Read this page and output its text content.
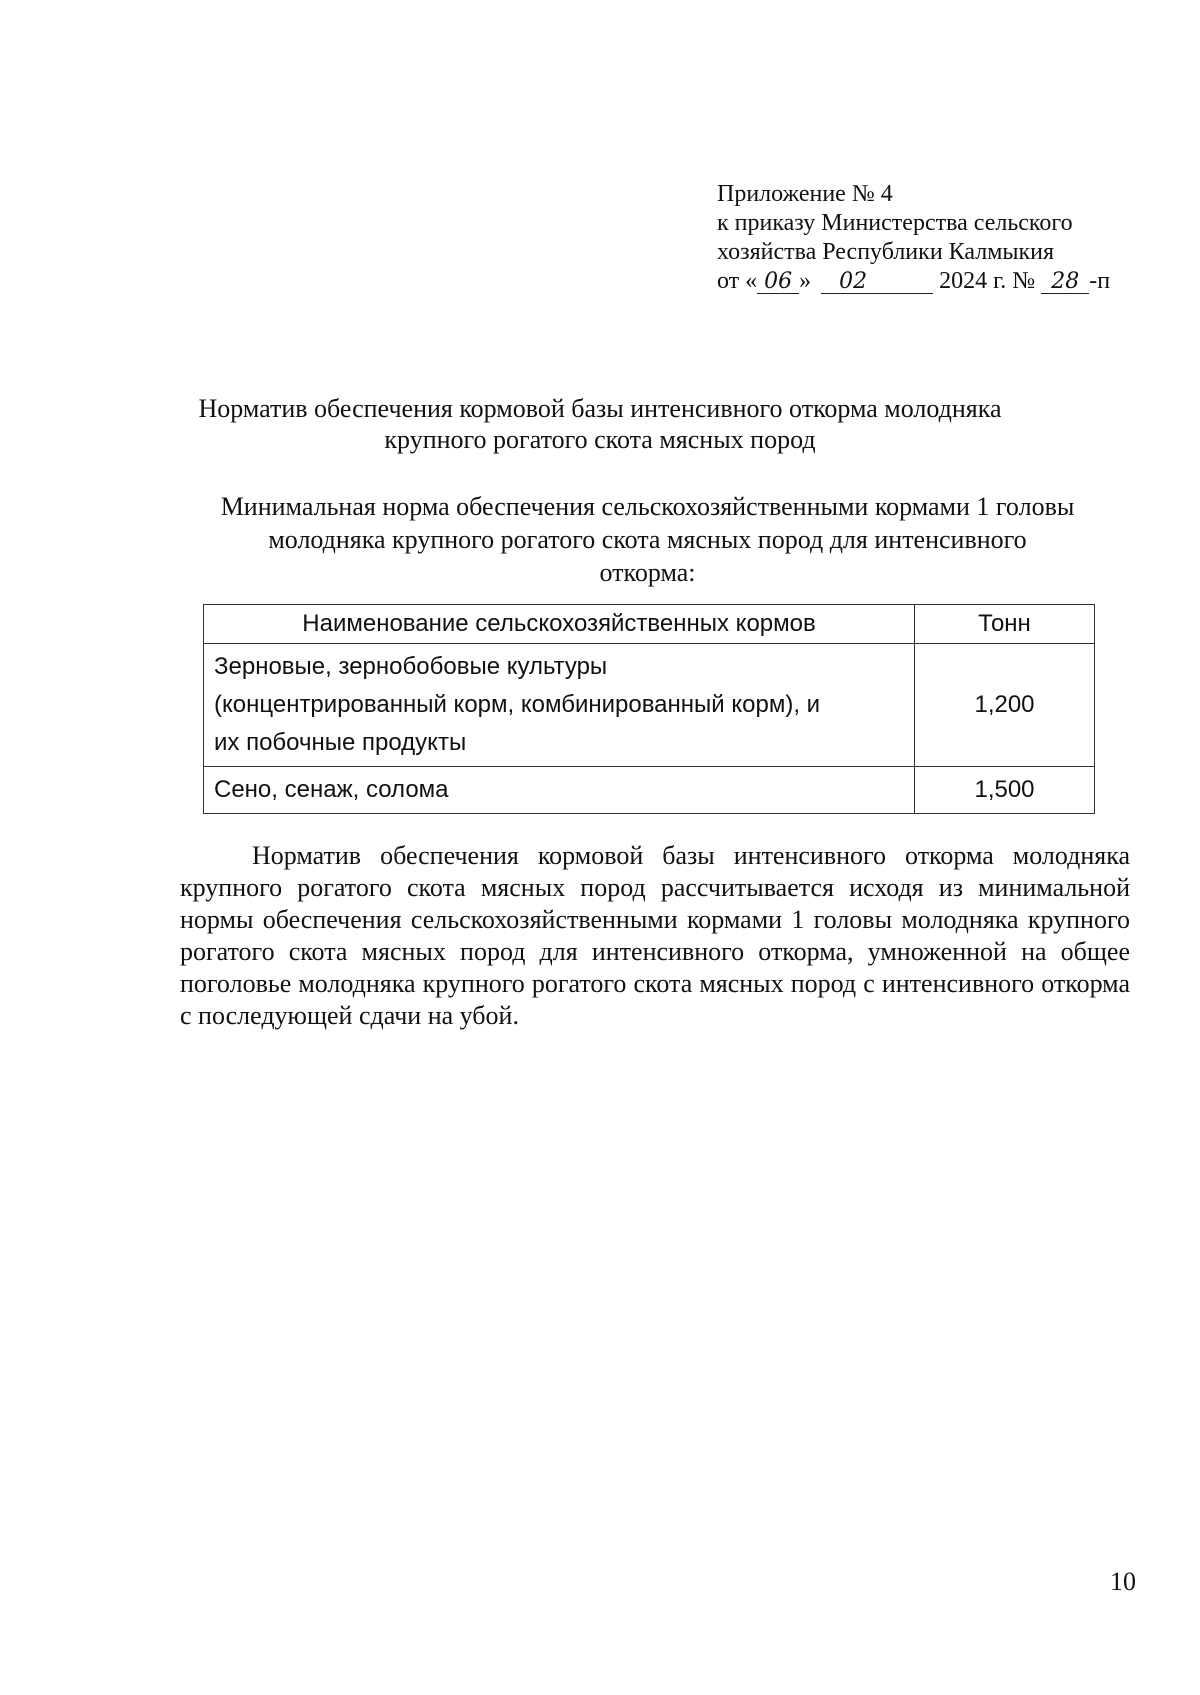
Приложение № 4
к приказу Министерства сельского
хозяйства Республики Калмыкия
от « 06 » 02	2024 г. № 28 -п
Норматив обеспечения кормовой базы интенсивного откорма молодняка
крупного рогатого скота мясных пород
Минимальная норма обеспечения сельскохозяйственными кормами 1 головы
молодняка крупного рогатого скота мясных пород для интенсивного
откорма:
Наименование сельскохозяйственных кормов	Тонн

Зерновые, зернобобовые культуры
(концентрированный корм, комбинированный корм), и
их побочные продукты	1,200
Сено, сенаж, солома	1,500
Норматив обеспечения кормовой базы интенсивного откорма молодняка крупного рогатого скота мясных пород рассчитывается исходя из минимальной нормы обеспечения сельскохозяйственными кормами 1 головы молодняка крупного рогатого скота мясных пород для интенсивного откорма, умноженной на общее поголовье молодняка крупного рогатого скота мясных пород с интенсивного откорма с последующей сдачи на убой.
10
